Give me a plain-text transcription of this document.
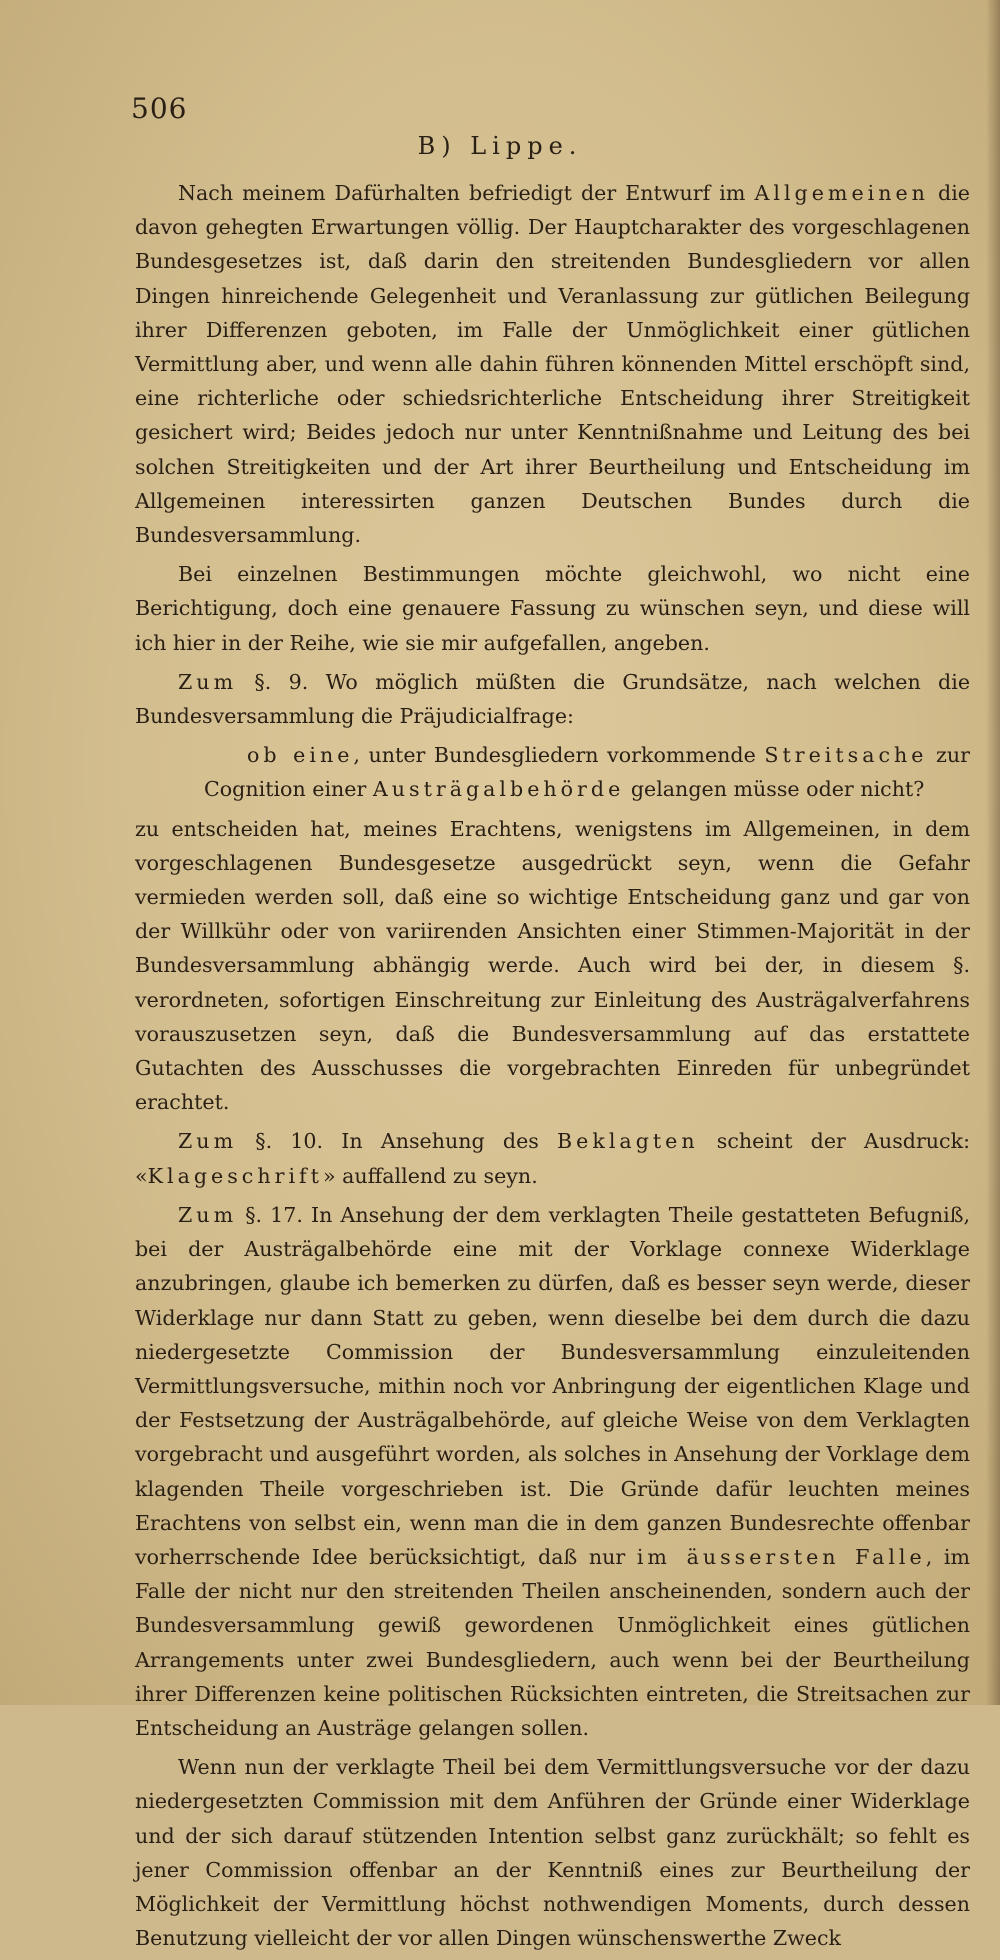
506
B) Lippe.

Nach meinem Dafürhalten befriedigt der Entwurf im Allgemeinen die davon gehegten Erwartungen völlig. Der Hauptcharakter des vorgeschlagenen Bundesgesetzes ist, daß darin den streitenden Bundesgliedern vor allen Dingen hinreichende Gelegenheit und Veranlassung zur gütlichen Beilegung ihrer Differenzen geboten, im Falle der Unmöglichkeit einer gütlichen Vermittlung aber, und wenn alle dahin führen könnenden Mittel erschöpft sind, eine richterliche oder schiedsrichterliche Entscheidung ihrer Streitigkeit gesichert wird; Beides jedoch nur unter Kenntnißnahme und Leitung des bei solchen Streitigkeiten und der Art ihrer Beurtheilung und Entscheidung im Allgemeinen interessirten ganzen Deutschen Bundes durch die Bundesversammlung.

Bei einzelnen Bestimmungen möchte gleichwohl, wo nicht eine Berichtigung, doch eine genauere Fassung zu wünschen seyn, und diese will ich hier in der Reihe, wie sie mir aufgefallen, angeben.

Zum §. 9. Wo möglich müßten die Grundsätze, nach welchen die Bundesversammlung die Präjudicialfrage:

ob eine, unter Bundesgliedern vorkommende Streitsache zur Cognition einer Austrägalbehörde gelangen müsse oder nicht?

zu entscheiden hat, meines Erachtens, wenigstens im Allgemeinen, in dem vorgeschlagenen Bundesgesetze ausgedrückt seyn, wenn die Gefahr vermieden werden soll, daß eine so wichtige Entscheidung ganz und gar von der Willkühr oder von variirenden Ansichten einer Stimmen-Majorität in der Bundesversammlung abhängig werde. Auch wird bei der, in diesem §. verordneten, sofortigen Einschreitung zur Einleitung des Austrägalverfahrens vorauszusetzen seyn, daß die Bundesversammlung auf das erstattete Gutachten des Ausschusses die vorgebrachten Einreden für unbegründet erachtet.

Zum §. 10. In Ansehung des Beklagten scheint der Ausdruck: «Klageschrift» auffallend zu seyn.

Zum §. 17. In Ansehung der dem verklagten Theile gestatteten Befugniß, bei der Austrägalbehörde eine mit der Vorklage connexe Widerklage anzubringen, glaube ich bemerken zu dürfen, daß es besser seyn werde, dieser Widerklage nur dann Statt zu geben, wenn dieselbe bei dem durch die dazu niedergesetzte Commission der Bundesversammlung einzuleitenden Vermittlungsversuche, mithin noch vor Anbringung der eigentlichen Klage und der Festsetzung der Austrägalbehörde, auf gleiche Weise von dem Verklagten vorgebracht und ausgeführt worden, als solches in Ansehung der Vorklage dem klagenden Theile vorgeschrieben ist. Die Gründe dafür leuchten meines Erachtens von selbst ein, wenn man die in dem ganzen Bundesrechte offenbar vorherrschende Idee berücksichtigt, daß nur im äussersten Falle, im Falle der nicht nur den streitenden Theilen anscheinenden, sondern auch der Bundesversammlung gewiß gewordenen Unmöglichkeit eines gütlichen Arrangements unter zwei Bundesgliedern, auch wenn bei der Beurtheilung ihrer Differenzen keine politischen Rücksichten eintreten, die Streitsachen zur Entscheidung an Austräge gelangen sollen.

Wenn nun der verklagte Theil bei dem Vermittlungsversuche vor der dazu niedergesetzten Commission mit dem Anführen der Gründe einer Widerklage und der sich darauf stützenden Intention selbst ganz zurückhält; so fehlt es jener Commission offenbar an der Kenntniß eines zur Beurtheilung der Möglichkeit der Vermittlung höchst nothwendigen Moments, durch dessen Benutzung vielleicht der vor allen Dingen wünschenswerthe Zweck
